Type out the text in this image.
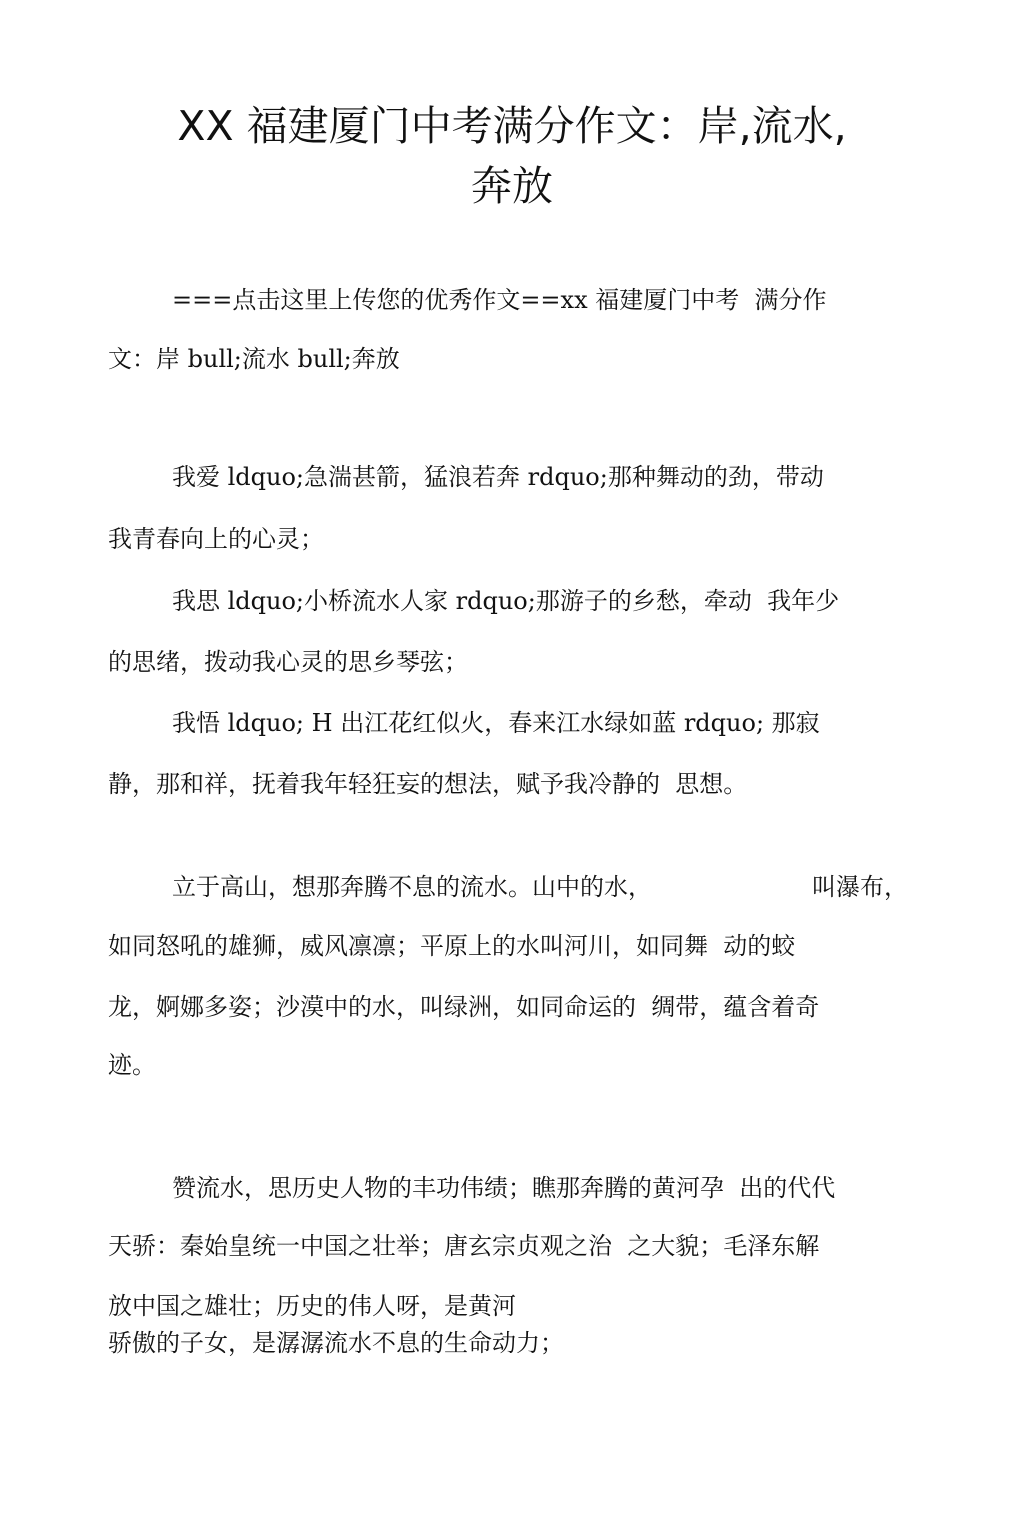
XX 福建厦门中考满分作文：岸,流水,
奔放
===点击这里上传您的优秀作文==xx 福建厦门中考  满分作
文：岸 bull;流水 bull;奔放
我爱 ldquo;急湍甚箭，猛浪若奔 rdquo;那种舞动的劲，带动
我青春向上的心灵；
我思 ldquo;小桥流水人家 rdquo;那游子的乡愁，牵动  我年少
的思绪，拨动我心灵的思乡琴弦；
我悟 ldquo; H 出江花红似火，春来江水绿如蓝 rdquo; 那寂
静，那和祥，抚着我年轻狂妄的想法，赋予我冷静的  思想。
立于高山，想那奔腾不息的流水。山中的水，	叫瀑布，
如同怒吼的雄狮，威风凛凛；平原上的水叫河川，如同舞  动的蛟
龙，婀娜多姿；沙漠中的水，叫绿洲，如同命运的  绸带，蕴含着奇
迹。
赞流水，思历史人物的丰功伟绩；瞧那奔腾的黄河孕  出的代代
天骄：秦始皇统一中国之壮举；唐玄宗贞观之治  之大貌；毛泽东解
放中国之雄壮；历史的伟人呀，是黄河
骄傲的子女，是潺潺流水不息的生命动力；
